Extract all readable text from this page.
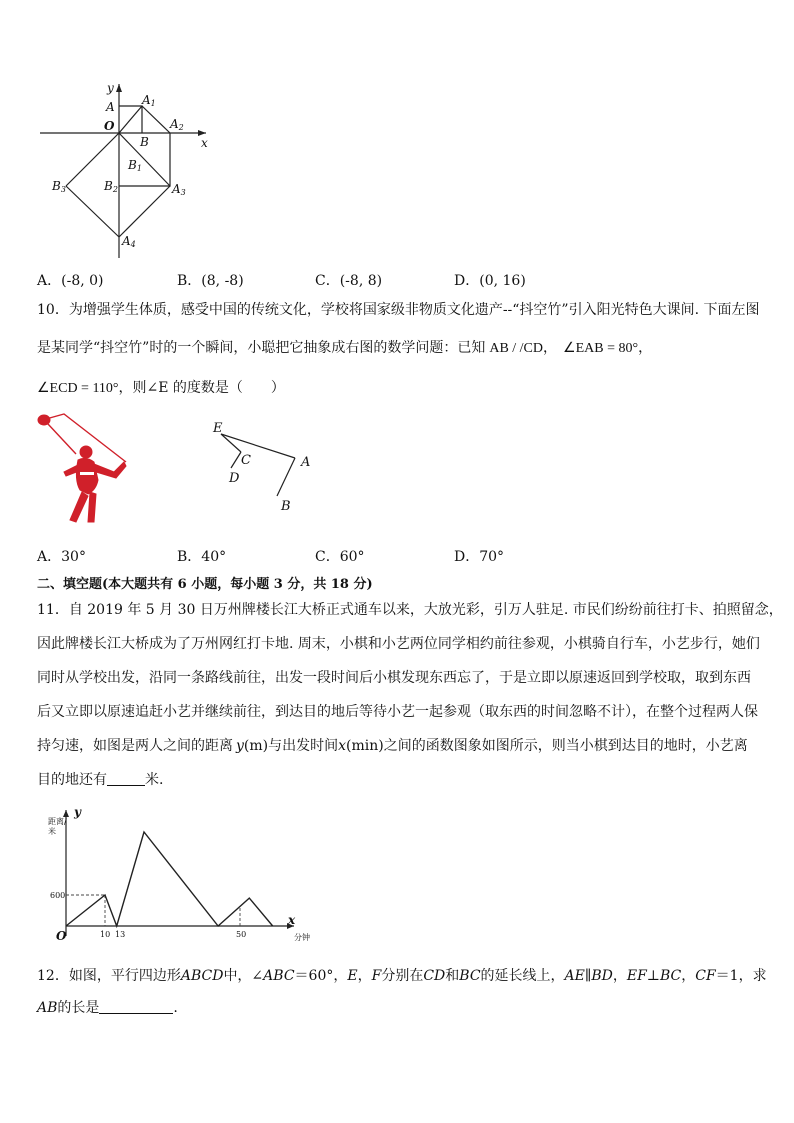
x
y
O
A A1
A2
A3
A4
B
B1
B2
B3
A．(-8, 0)	B．(8, -8)	C．(-8, 8)	D．(0, 16)
10．为增强学生体质，感受中国的传统文化，学校将国家级非物质文化遗产--“抖空竹”引入阳光特色大课间. 下面左图
是某同学“抖空竹”时的一个瞬间，小聪把它抽象成右图的数学问题：已知 AB / /CD， ∠EAB = 80°，
∠ECD = 110°，则∠E 的度数是（　　）
E
C
D
A
B
A．30°	B．40°	C．60°	D．70°
二、填空题(本大题共有 6 小题，每小题 3 分，共 18 分)
11．自 2019 年 5 月 30 日万州牌楼长江大桥正式通车以来，大放光彩，引万人驻足. 市民们纷纷前往打卡、拍照留念，
因此牌楼长江大桥成为了万州网红打卡地. 周末，小棋和小艺两位同学相约前往参观，小棋骑自行车，小艺步行，她们
同时从学校出发，沿同一条路线前往，出发一段时间后小棋发现东西忘了，于是立即以原速返回到学校取，取到东西
后又立即以原速追赶小艺并继续前往，到达目的地后等待小艺一起参观（取东西的时间忽略不计），在整个过程两人保
持匀速，如图是两人之间的距离 y(m)与出发时间x(min)之间的函数图象如图所示，则当小棋到达目的地时，小艺离
目的地还有	米.
y
距离/
米
x
分钟
O
600
10 13	50
12．如图，平行四边形ABCD中，∠ABC＝60°，E，F分别在CD和BC的延长线上，AE∥BD，EF⊥BC，CF＝1，求
AB的长是	.
